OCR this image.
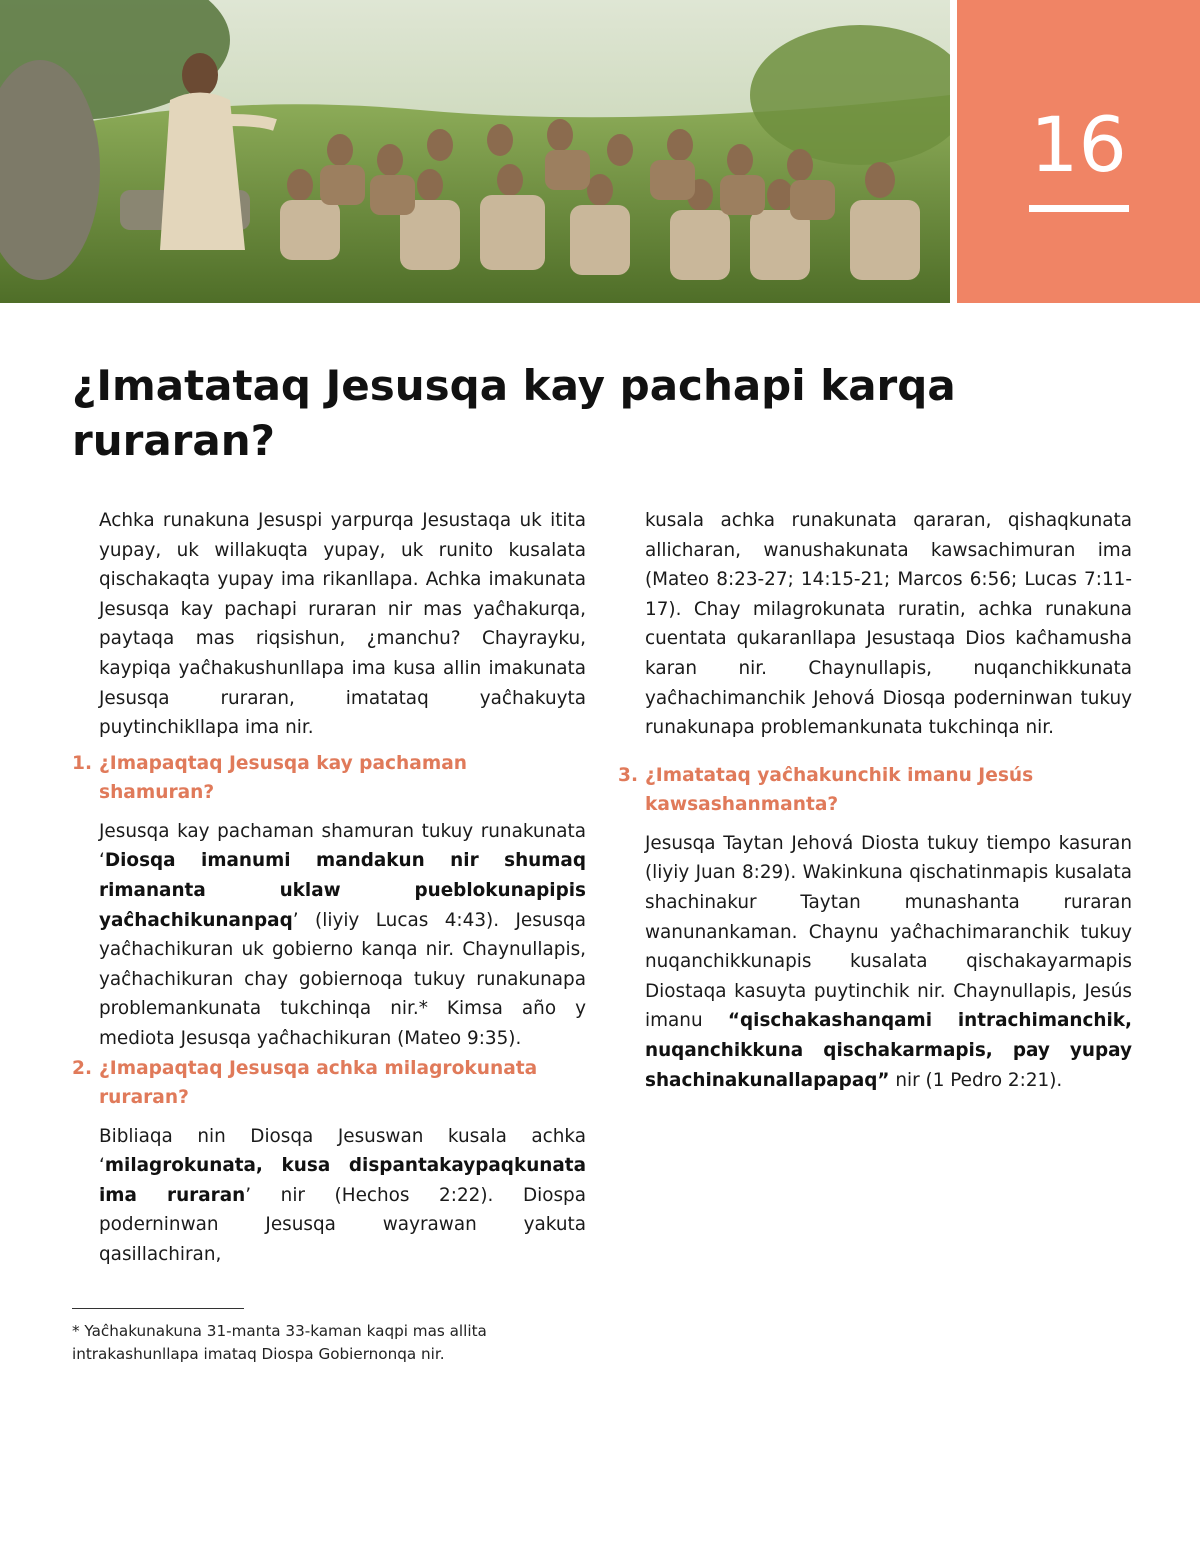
16
¿Imatataq Jesusqa kay pachapi karqa ruraran?

Achka runakuna Jesuspi yarpurqa Jesustaqa uk itita yupay, uk willakuqta yupay, uk runito kusalata qischakaqta yupay ima rikanllapa. Achka imakunata Jesusqa kay pachapi ruraran nir mas yaĉhakurqa, paytaqa mas riqsishun, ¿manchu? Chayrayku, kaypiqa yaĉhakushunllapa ima kusa allin imakunata Jesusqa ruraran, imatataq yaĉhakuyta puytinchikllapa ima nir.

1. ¿Imapaqtaq Jesusqa kay pachaman shamuran?

Jesusqa kay pachaman shamuran tukuy runakunata ‘Diosqa imanumi mandakun nir shumaq rimananta uklaw pueblokunapipis yaĉhachikunanpaq’ (liyiy Lucas 4:43). Jesusqa yaĉhachikuran uk gobierno kanqa nir. Chaynullapis, yaĉhachikuran chay gobiernoqa tukuy runakunapa problemankunata tukchinqa nir.* Kimsa año y mediota Jesusqa yaĉhachikuran (Mateo 9:35).

2. ¿Imapaqtaq Jesusqa achka milagrokunata ruraran?

Bibliaqa nin Diosqa Jesuswan kusala achka ‘milagrokunata, kusa dispantakaypaqkunata ima ruraran’ nir (Hechos 2:22). Diospa poderninwan Jesusqa wayrawan yakuta qasillachiran,

kusala achka runakunata qararan, qishaqkunata allicharan, wanushakunata kawsachimuran ima (Mateo 8:23-27; 14:15-21; Marcos 6:56; Lucas 7:11-17). Chay milagrokunata ruratin, achka runakuna cuentata qukaranllapa Jesustaqa Dios kaĉhamusha karan nir. Chaynullapis, nuqanchikkunata yaĉhachimanchik Jehová Diosqa poderninwan tukuy runakunapa problemankunata tukchinqa nir.

3. ¿Imatataq yaĉhakunchik imanu Jesús kawsashanmanta?

Jesusqa Taytan Jehová Diosta tukuy tiempo kasuran (liyiy Juan 8:29). Wakinkuna qischatinmapis kusalata shachinakur Taytan munashanta ruraran wanunankaman. Chaynu yaĉhachimaranchik tukuy nuqanchikkunapis kusalata qischakayarmapis Diostaqa kasuyta puytinchik nir. Chaynullapis, Jesús imanu “qischakashanqami intrachimanchik, nuqanchikkuna qischakarmapis, pay yupay shachinakunallapapaq” nir (1 Pedro 2:21).

* Yaĉhakunakuna 31-manta 33-kaman kaqpi mas allita intrakashunllapa imataq Diospa Gobiernonqa nir.
